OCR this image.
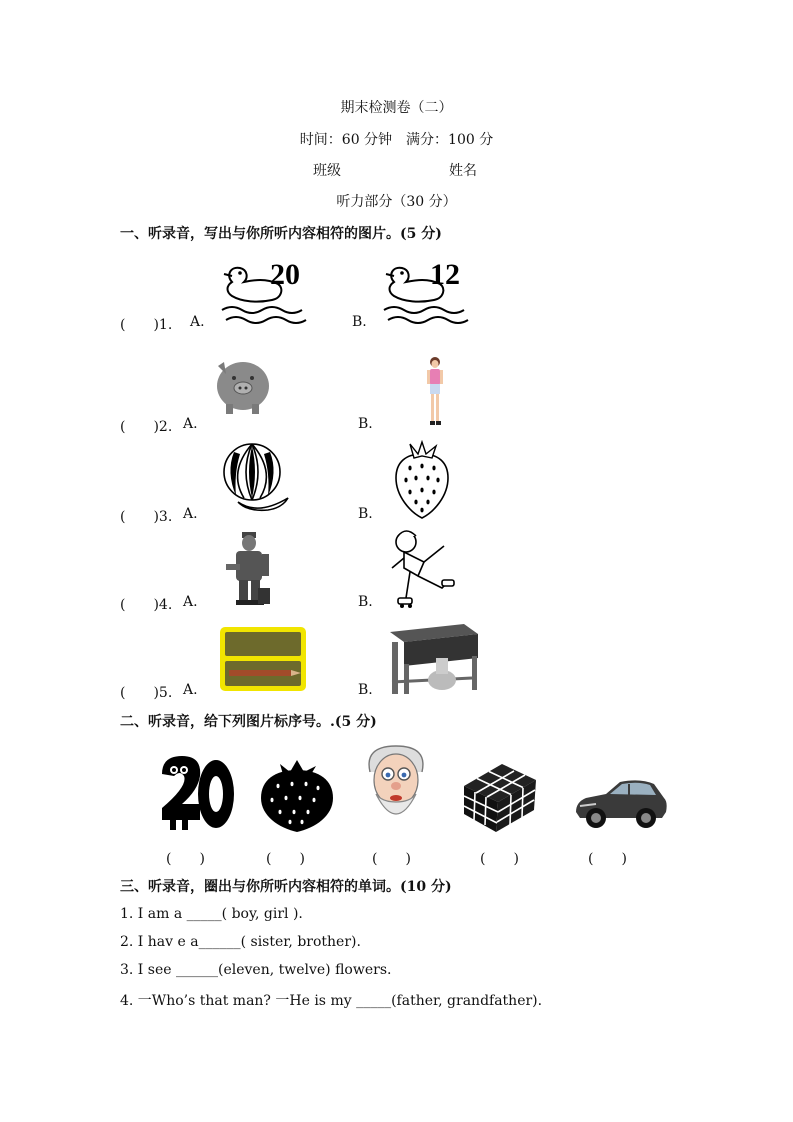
期末检测卷（二）
时间：60 分钟　满分：100 分
班级	姓名
听力部分（30 分）
一、听录音，写出与你所听内容相符的图片。(5 分)
(　　)1. A.	B.
20	12
(　　)2. A.	B.
(　　)3. A.	B.
(　　)4. A.	B.
(　　)5. A.	B.
二、听录音，给下列图片标序号。.(5 分)
(　　)	(　　)	(　　)	(　　)	(　　)
三、听录音，圈出与你所听内容相符的单词。(10 分)
1. I am a _____( boy, girl ).
2. I hav e a______( sister, brother).
3. I see ______(eleven, twelve) flowers.
4. 一Who’s that man? 一He is my _____(father, grandfather).
